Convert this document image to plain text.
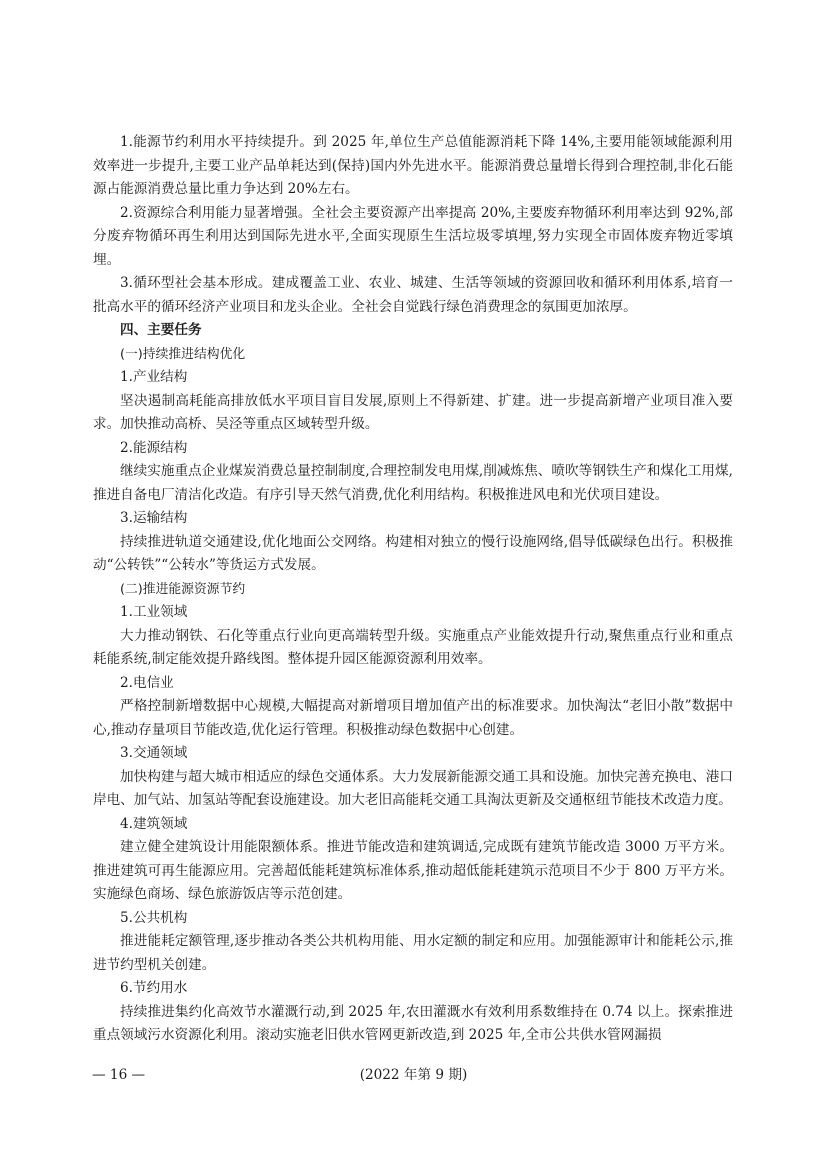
1.能源节约利用水平持续提升。到 2025 年,单位生产总值能源消耗下降 14%,主要用能领域能源利用效率进一步提升,主要工业产品单耗达到(保持)国内外先进水平。能源消费总量增长得到合理控制,非化石能源占能源消费总量比重力争达到 20%左右。

2.资源综合利用能力显著增强。全社会主要资源产出率提高 20%,主要废弃物循环利用率达到 92%,部分废弃物循环再生利用达到国际先进水平,全面实现原生生活垃圾零填埋,努力实现全市固体废弃物近零填埋。

3.循环型社会基本形成。建成覆盖工业、农业、城建、生活等领域的资源回收和循环利用体系,培育一批高水平的循环经济产业项目和龙头企业。全社会自觉践行绿色消费理念的氛围更加浓厚。

四、主要任务

(一)持续推进结构优化

1.产业结构

坚决遏制高耗能高排放低水平项目盲目发展,原则上不得新建、扩建。进一步提高新增产业项目准入要求。加快推动高桥、吴泾等重点区域转型升级。

2.能源结构

继续实施重点企业煤炭消费总量控制制度,合理控制发电用煤,削减炼焦、喷吹等钢铁生产和煤化工用煤,推进自备电厂清洁化改造。有序引导天然气消费,优化利用结构。积极推进风电和光伏项目建设。

3.运输结构

持续推进轨道交通建设,优化地面公交网络。构建相对独立的慢行设施网络,倡导低碳绿色出行。积极推动“公转铁”“公转水”等货运方式发展。

(二)推进能源资源节约

1.工业领域

大力推动钢铁、石化等重点行业向更高端转型升级。实施重点产业能效提升行动,聚焦重点行业和重点耗能系统,制定能效提升路线图。整体提升园区能源资源利用效率。

2.电信业

严格控制新增数据中心规模,大幅提高对新增项目增加值产出的标准要求。加快淘汰“老旧小散”数据中心,推动存量项目节能改造,优化运行管理。积极推动绿色数据中心创建。

3.交通领域

加快构建与超大城市相适应的绿色交通体系。大力发展新能源交通工具和设施。加快完善充换电、港口岸电、加气站、加氢站等配套设施建设。加大老旧高能耗交通工具淘汰更新及交通枢纽节能技术改造力度。

4.建筑领域

建立健全建筑设计用能限额体系。推进节能改造和建筑调适,完成既有建筑节能改造 3000 万平方米。推进建筑可再生能源应用。完善超低能耗建筑标准体系,推动超低能耗建筑示范项目不少于 800 万平方米。实施绿色商场、绿色旅游饭店等示范创建。

5.公共机构

推进能耗定额管理,逐步推动各类公共机构用能、用水定额的制定和应用。加强能源审计和能耗公示,推进节约型机关创建。

6.节约用水

持续推进集约化高效节水灌溉行动,到 2025 年,农田灌溉水有效利用系数维持在 0.74 以上。探索推进重点领域污水资源化利用。滚动实施老旧供水管网更新改造,到 2025 年,全市公共供水管网漏损

(2022 年第 9 期)
— 16 —
